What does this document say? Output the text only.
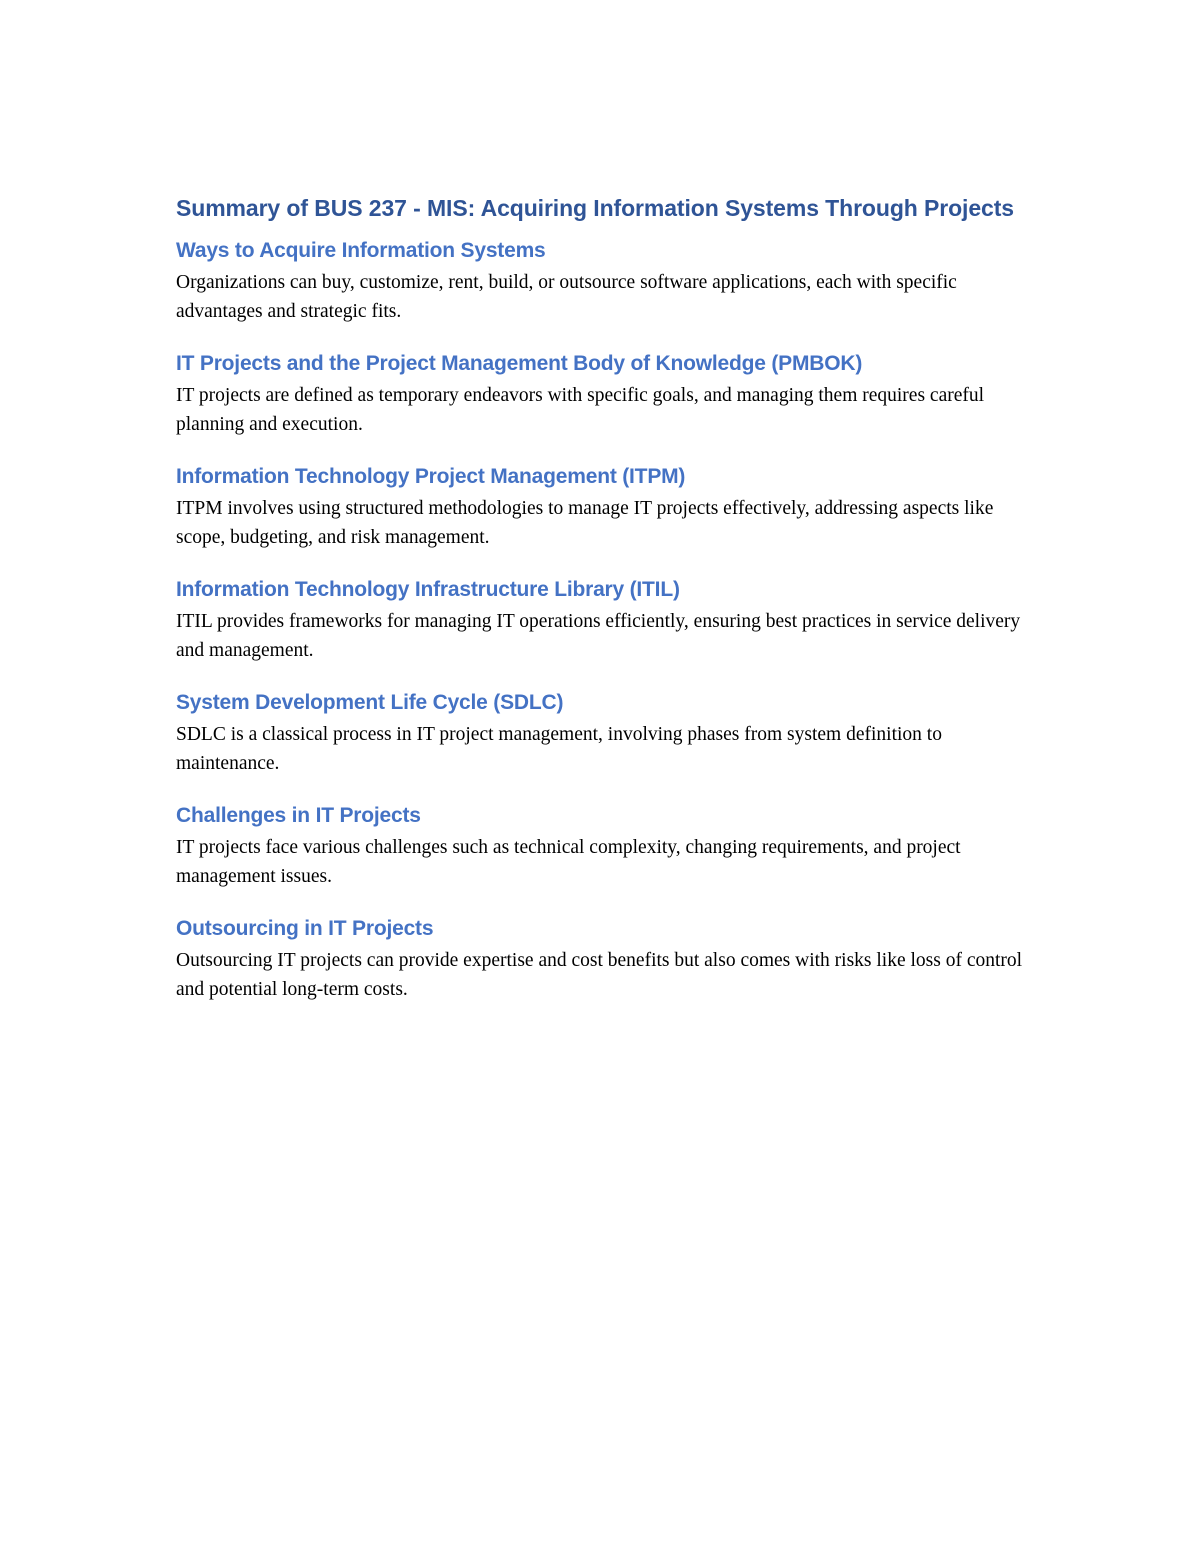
Summary of BUS 237 - MIS: Acquiring Information Systems Through Projects
Ways to Acquire Information Systems

Organizations can buy, customize, rent, build, or outsource software applications, each with specific advantages and strategic fits.

IT Projects and the Project Management Body of Knowledge (PMBOK)

IT projects are defined as temporary endeavors with specific goals, and managing them requires careful planning and execution.

Information Technology Project Management (ITPM)

ITPM involves using structured methodologies to manage IT projects effectively, addressing aspects like scope, budgeting, and risk management.

Information Technology Infrastructure Library (ITIL)

ITIL provides frameworks for managing IT operations efficiently, ensuring best practices in service delivery and management.

System Development Life Cycle (SDLC)

SDLC is a classical process in IT project management, involving phases from system definition to maintenance.

Challenges in IT Projects

IT projects face various challenges such as technical complexity, changing requirements, and project management issues.

Outsourcing in IT Projects

Outsourcing IT projects can provide expertise and cost benefits but also comes with risks like loss of control and potential long-term costs.
